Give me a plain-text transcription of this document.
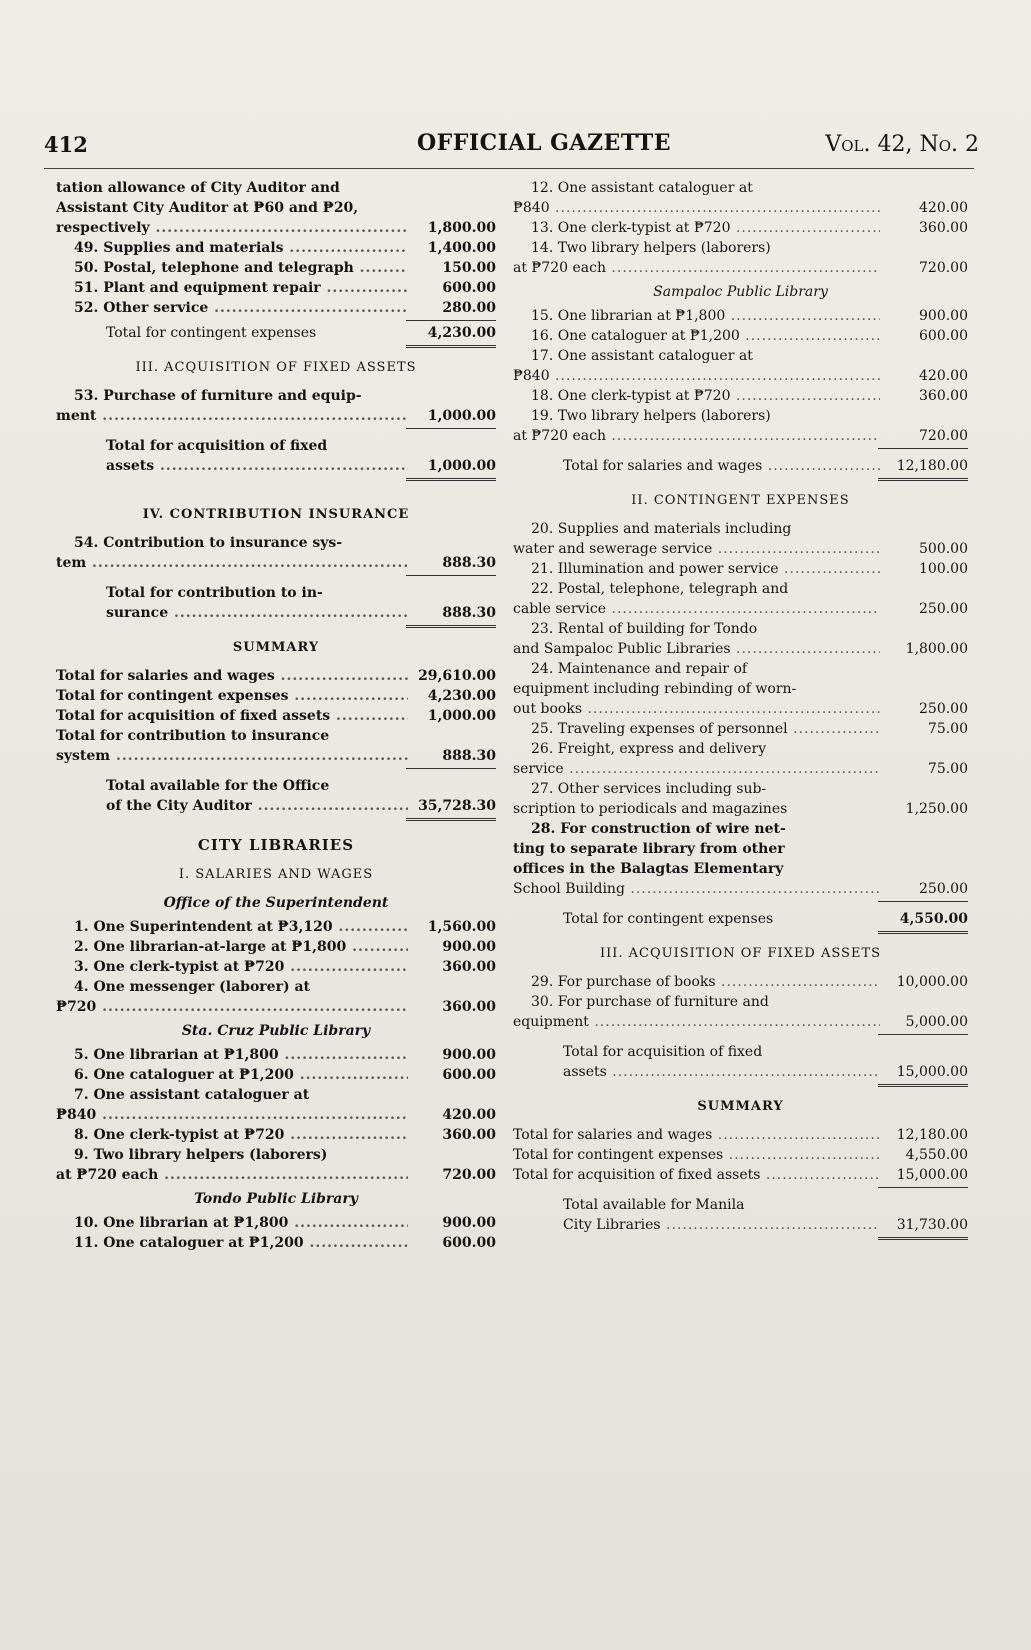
412	OFFICIAL GAZETTE	Vol. 42, No. 2
tation allowance of City Auditor and
Assistant City Auditor at ₱60 and ₱20,
respectively .....	1,800.00
49. Supplies and materials .....	1,400.00
50. Postal, telephone and telegraph .....	150.00
51. Plant and equipment repair .....	600.00
52. Other service .....	280.00
Total for contingent expenses	4,230.00
III. ACQUISITION OF FIXED ASSETS
53. Purchase of furniture and equip-
ment .....	1,000.00
Total for acquisition of fixed
assets .....	1,000.00
IV. CONTRIBUTION INSURANCE
54. Contribution to insurance sys-
tem .....	888.30
Total for contribution to in-
surance .....	888.30
SUMMARY
Total for salaries and wages .....	29,610.00
Total for contingent expenses .....	4,230.00
Total for acquisition of fixed assets .....	1,000.00
Total for contribution to insurance
system .....	888.30
Total available for the Office
of the City Auditor .....	35,728.30
CITY LIBRARIES
I. SALARIES AND WAGES
Office of the Superintendent
1. One Superintendent at ₱3,120 .....	1,560.00
2. One librarian-at-large at ₱1,800 .....	900.00
3. One clerk-typist at ₱720 .....	360.00
4. One messenger (laborer) at
₱720 .....	360.00
Sta. Cruz Public Library
5. One librarian at ₱1,800 .....	900.00
6. One cataloguer at ₱1,200 .....	600.00
7. One assistant cataloguer at
₱840 .....	420.00
8. One clerk-typist at ₱720 .....	360.00
9. Two library helpers (laborers)
at ₱720 each .....	720.00
Tondo Public Library
10. One librarian at ₱1,800 .....	900.00
11. One cataloguer at ₱1,200 .....	600.00
12. One assistant cataloguer at
₱840 .....	420.00
13. One clerk-typist at ₱720 .....	360.00
14. Two library helpers (laborers)
at ₱720 each .....	720.00
Sampaloc Public Library
15. One librarian at ₱1,800 .....	900.00
16. One cataloguer at ₱1,200 .....	600.00
17. One assistant cataloguer at
₱840 .....	420.00
18. One clerk-typist at ₱720 .....	360.00
19. Two library helpers (laborers)
at ₱720 each .....	720.00
Total for salaries and wages .....	12,180.00
II. CONTINGENT EXPENSES
20. Supplies and materials including
water and sewerage service .....	500.00
21. Illumination and power service .....	100.00
22. Postal, telephone, telegraph and
cable service .....	250.00
23. Rental of building for Tondo
and Sampaloc Public Libraries .....	1,800.00
24. Maintenance and repair of
equipment including rebinding of worn-
out books .....	250.00
25. Traveling expenses of personnel .....	75.00
26. Freight, express and delivery
service .....	75.00
27. Other services including sub-
scription to periodicals and magazines	1,250.00
28. For construction of wire net-
ting to separate library from other
offices in the Balagtas Elementary
School Building .....	250.00
Total for contingent expenses	4,550.00
III. ACQUISITION OF FIXED ASSETS
29. For purchase of books .....	10,000.00
30. For purchase of furniture and
equipment .....	5,000.00
Total for acquisition of fixed
assets .....	15,000.00
SUMMARY
Total for salaries and wages .....	12,180.00
Total for contingent expenses .....	4,550.00
Total for acquisition of fixed assets .....	15,000.00
Total available for Manila
City Libraries .....	31,730.00
